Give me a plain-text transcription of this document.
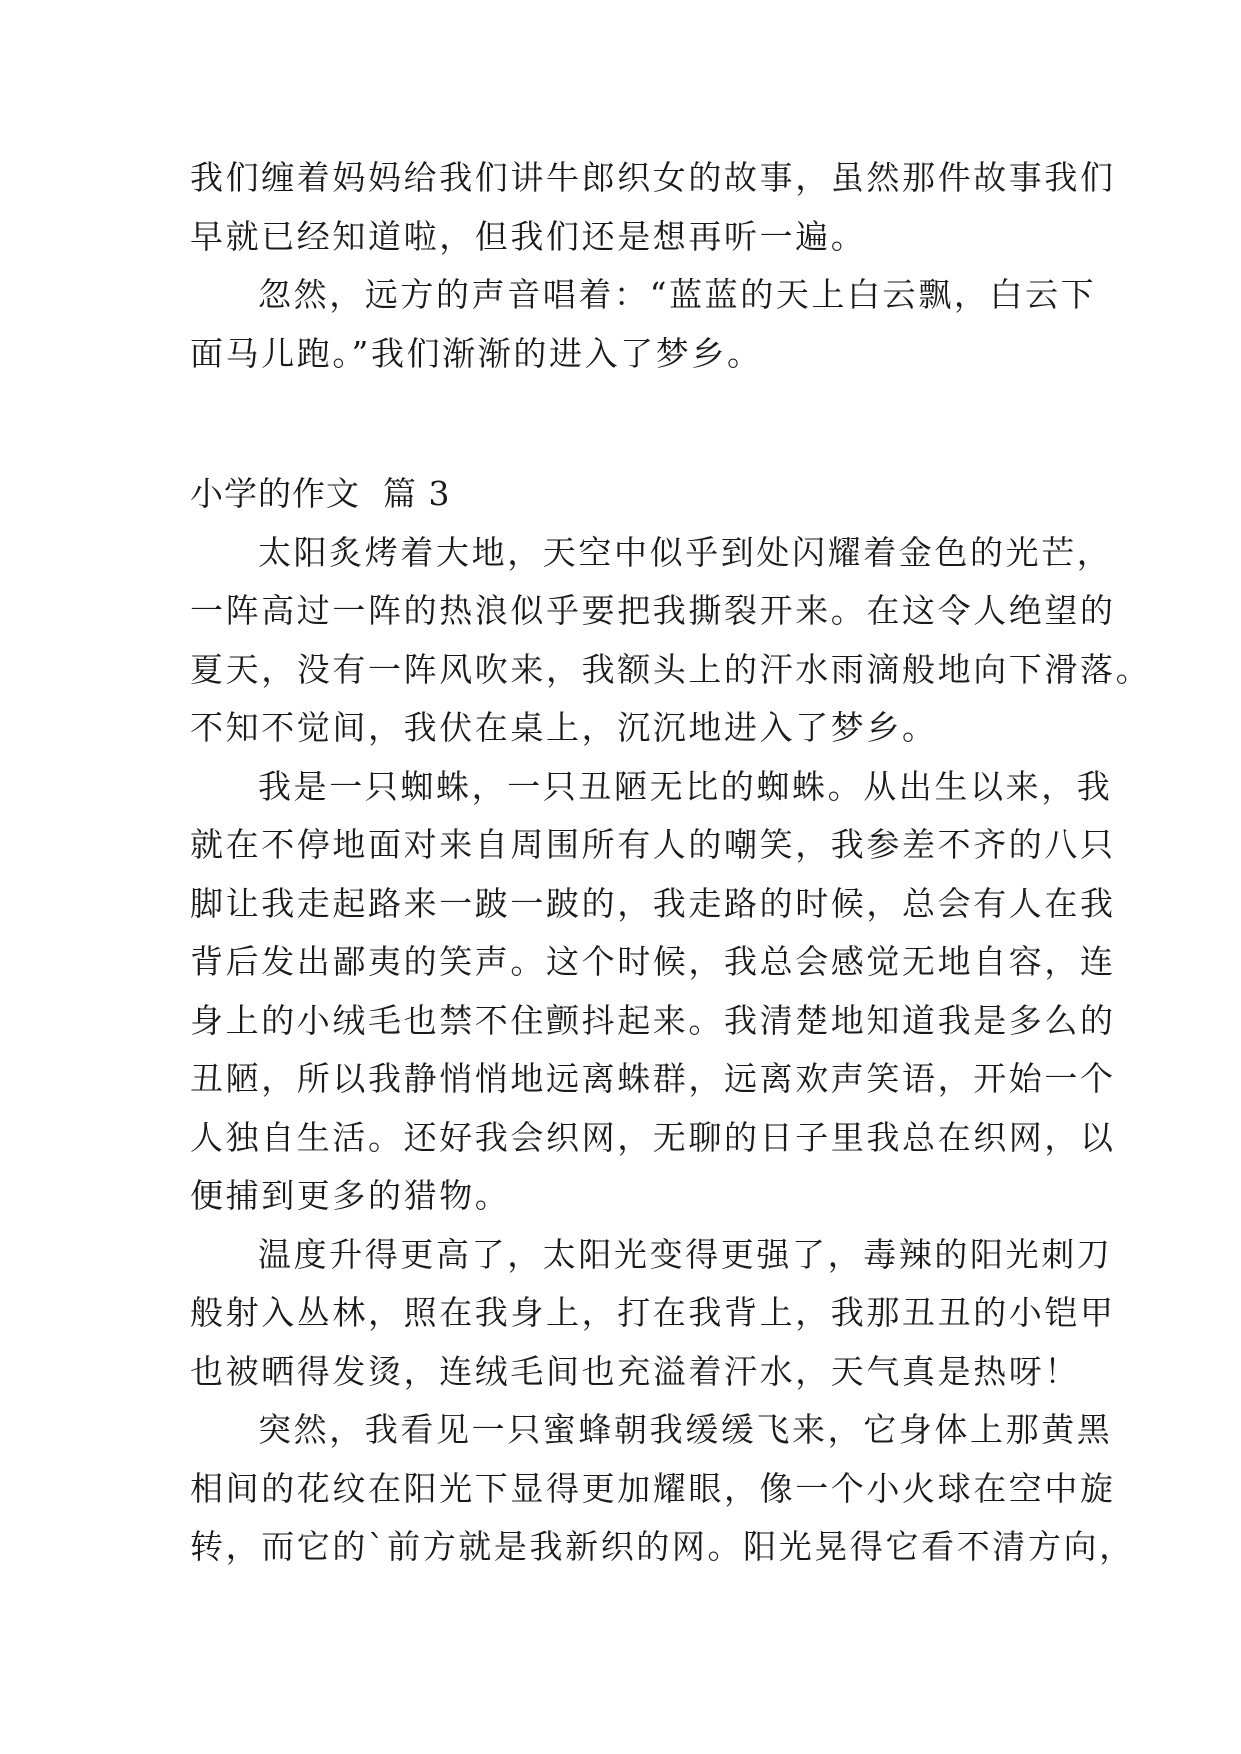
我们缠着妈妈给我们讲牛郎织女的故事，虽然那件故事我们
早就已经知道啦，但我们还是想再听一遍。
忽然，远方的声音唱着：“蓝蓝的天上白云飘，白云下
面马儿跑。”我们渐渐的进入了梦乡。
小学的作文  篇 3
太阳炙烤着大地，天空中似乎到处闪耀着金色的光芒，
一阵高过一阵的热浪似乎要把我撕裂开来。在这令人绝望的
夏天，没有一阵风吹来，我额头上的汗水雨滴般地向下滑落。
不知不觉间，我伏在桌上，沉沉地进入了梦乡。
我是一只蜘蛛，一只丑陋无比的蜘蛛。从出生以来，我
就在不停地面对来自周围所有人的嘲笑，我参差不齐的八只
脚让我走起路来一跛一跛的，我走路的时候，总会有人在我
背后发出鄙夷的笑声。这个时候，我总会感觉无地自容，连
身上的小绒毛也禁不住颤抖起来。我清楚地知道我是多么的
丑陋，所以我静悄悄地远离蛛群，远离欢声笑语，开始一个
人独自生活。还好我会织网，无聊的日子里我总在织网，以
便捕到更多的猎物。
温度升得更高了，太阳光变得更强了，毒辣的阳光刺刀
般射入丛林，照在我身上，打在我背上，我那丑丑的小铠甲
也被晒得发烫，连绒毛间也充溢着汗水，天气真是热呀！
突然，我看见一只蜜蜂朝我缓缓飞来，它身体上那黄黑
相间的花纹在阳光下显得更加耀眼，像一个小火球在空中旋
转，而它的`前方就是我新织的网。阳光晃得它看不清方向，
